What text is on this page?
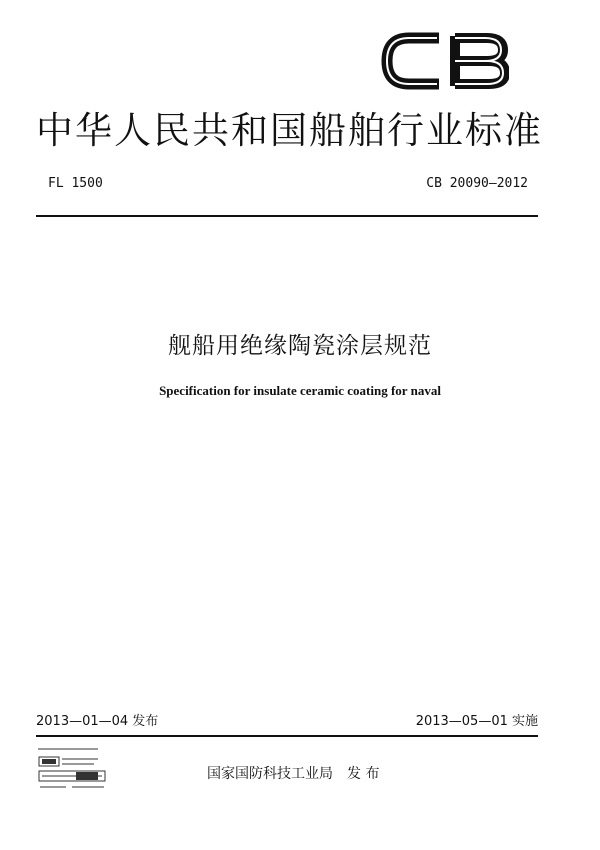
中华人民共和国船舶行业标准
FL 1500	CB 20090—2012
舰船用绝缘陶瓷涂层规范
Specification for insulate ceramic coating for naval
2013—01—04 发布	2013—05—01 实施
国家国防科技工业局 发 布
